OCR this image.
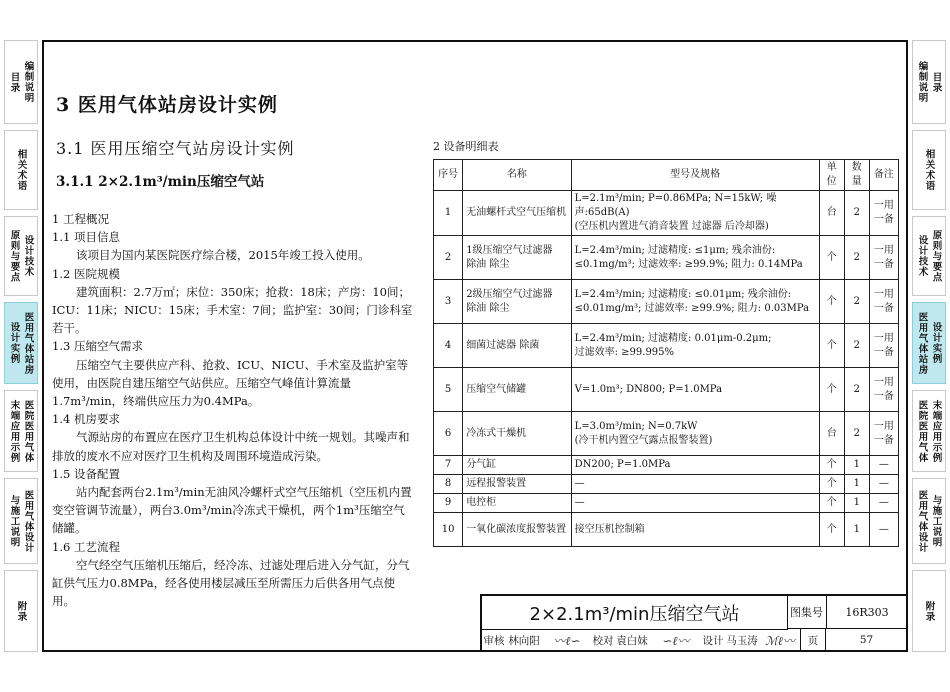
目录 编制说明
相关术语
原则与要点 设计技术
设计实例 医用气体站房
末端应用示例 医院医用气体
与施工说明 医用气体设计
附录
编制说明 目录
相关术语
设计技术 原则与要点
医用气体站房 设计实例
医院医用气体 末端应用示例
医用气体设计 与施工说明
附录
3 医用气体站房设计实例
3.1 医用压缩空气站房设计实例
3.1.1 2×2.1m³/min压缩空气站

1 工程概况

1.1 项目信息

该项目为国内某医院医疗综合楼，2015年竣工投入使用。

1.2 医院规模

建筑面积：2.7万㎡；床位：350床；抢救：18床；产房：10间；ICU：11床；NICU：15床；手术室：7间；监护室：30间；门诊科室若干。

1.3 压缩空气需求

压缩空气主要供应产科、抢救、ICU、NICU、手术室及监护室等使用，由医院自建压缩空气站供应。压缩空气峰值计算流量1.7m³/min，终端供应压力为0.4MPa。

1.4 机房要求

气源站房的布置应在医疗卫生机构总体设计中统一规划。其噪声和排放的废水不应对医疗卫生机构及周围环境造成污染。

1.5 设备配置

站内配套两台2.1m³/min无油风冷螺杆式空气压缩机（空压机内置变空管调节流量），两台3.0m³/min冷冻式干燥机，两个1m³压缩空气储罐。

1.6 工艺流程

空气经空气压缩机压缩后，经冷冻、过滤处理后进入分气缸，分气缸供气压力0.8MPa，经各使用楼层减压至所需压力后供各用气点使用。

2 设备明细表
序号	名称	型号及规格	单位	数量	备注
1	无油螺杆式空气压缩机	L=2.1m³/min; P=0.86MPa; N=15kW; 噪声:65dB(A)
(空压机内置进气消音装置 过滤器 后冷却器)	台	2	一用一备
2	1级压缩空气过滤器
除油 除尘	L=2.4m³/min; 过滤精度: ≤1μm; 残余油份: ≤0.1mg/m³; 过滤效率: ≥99.9%; 阻力: 0.14MPa	个	2	一用一备
3	2级压缩空气过滤器
除油 除尘	L=2.4m³/min; 过滤精度: ≤0.01μm; 残余油份: ≤0.01mg/m³; 过滤效率: ≥99.9%; 阻力: 0.03MPa	个	2	一用一备
4	细菌过滤器 除菌	L=2.4m³/min; 过滤精度: 0.01μm-0.2μm;
过滤效率: ≥99.995%	个	2	一用一备
5	压缩空气储罐	V=1.0m³; DN800; P=1.0MPa	个	2	一用一备
6	冷冻式干燥机	L=3.0m³/min; N=0.7kW
(冷干机内置空气露点报警装置)	台	2	一用一备
7	分气缸	DN200; P=1.0MPa	个	1	—
8	远程报警装置	—	个	1	—
9	电控柜	—	个	1	—
10	一氧化碳浓度报警装置	接空压机控制箱	个	1	—
2×2.1m³/min压缩空气站	图集号	16R303
审核 林向阳 〰ℓ∽ 校对 袁白妹 ∽ℓ〰 设计 马玉涛 ℳℓ〰	页	57
